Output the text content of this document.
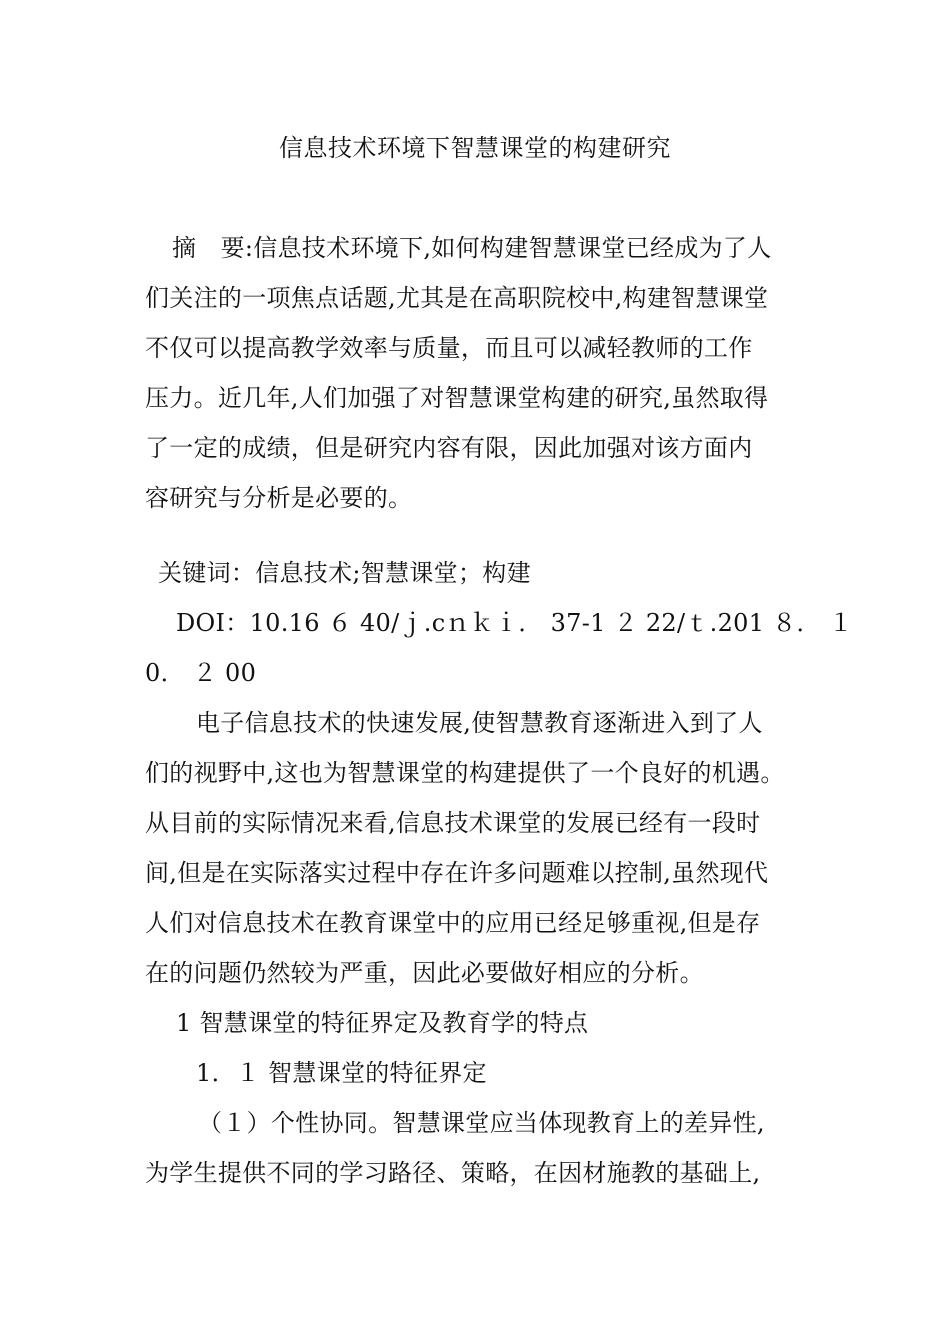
信息技术环境下智慧课堂的构建研究
摘　要:信息技术环境下,如何构建智慧课堂已经成为了人
们关注的一项焦点话题,尤其是在高职院校中,构建智慧课堂
不仅可以提高教学效率与质量，而且可以减轻教师的工作
压力。近几年,人们加强了对智慧课堂构建的研究,虽然取得
了一定的成绩，但是研究内容有限，因此加强对该方面内
容研究与分析是必要的。
关键词：信息技术;智慧课堂；构建
DOI：10.16 ６ 40/ｊ.cｎｋｉ． 37-1 ２ 22/ｔ.201 ８． １
0． ２ 00
电子信息技术的快速发展,使智慧教育逐渐进入到了人
们的视野中,这也为智慧课堂的构建提供了一个良好的机遇。
从目前的实际情况来看,信息技术课堂的发展已经有一段时
间,但是在实际落实过程中存在许多问题难以控制,虽然现代
人们对信息技术在教育课堂中的应用已经足够重视,但是存
在的问题仍然较为严重，因此必要做好相应的分析。
1 智慧课堂的特征界定及教育学的特点
1．１ 智慧课堂的特征界定
（１）个性协同。智慧课堂应当体现教育上的差异性,
为学生提供不同的学习路径、策略，在因材施教的基础上,
